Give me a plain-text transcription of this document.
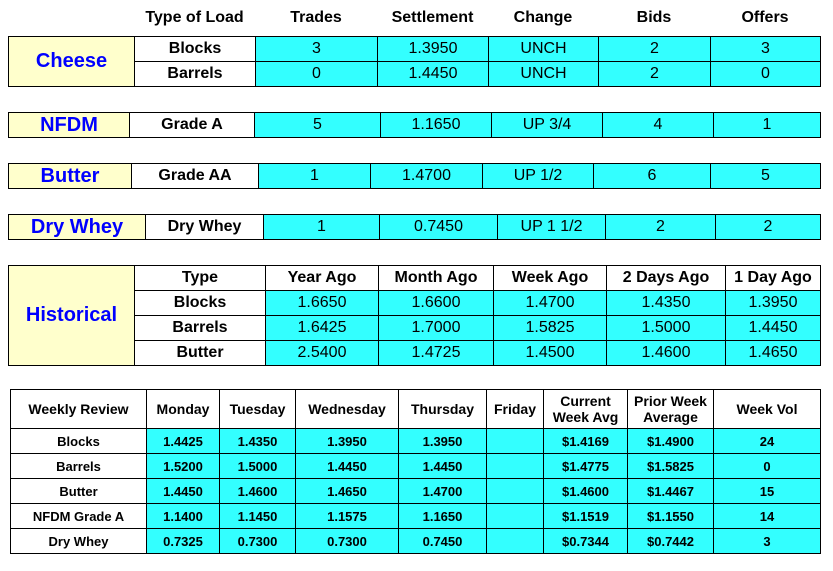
	Type of Load	Trades	Settlement	Change	Bids	Offers
Cheese	Blocks	3	1.3950	UNCH	2	3
	Barrels	0	1.4450	UNCH	2	0
NFDM	Grade A	5	1.1650	UP 3/4	4	1
Butter	Grade AA	1	1.4700	UP 1/2	6	5
Dry Whey	Dry Whey	1	0.7450	UP 1 1/2	2	2
Historical	Type	Year Ago	Month Ago	Week Ago	2 Days Ago	1 Day Ago
	Blocks	1.6650	1.6600	1.4700	1.4350	1.3950
	Barrels	1.6425	1.7000	1.5825	1.5000	1.4450
	Butter	2.5400	1.4725	1.4500	1.4600	1.4650
Weekly Review	Monday	Tuesday	Wednesday	Thursday	Friday	Current Week Avg	Prior Week Average	Week Vol
Blocks	1.4425	1.4350	1.3950	1.3950		$1.4169	$1.4900	24
Barrels	1.5200	1.5000	1.4450	1.4450		$1.4775	$1.5825	0
Butter	1.4450	1.4600	1.4650	1.4700		$1.4600	$1.4467	15
NFDM Grade A	1.1400	1.1450	1.1575	1.1650		$1.1519	$1.1550	14
Dry Whey	0.7325	0.7300	0.7300	0.7450		$0.7344	$0.7442	3
